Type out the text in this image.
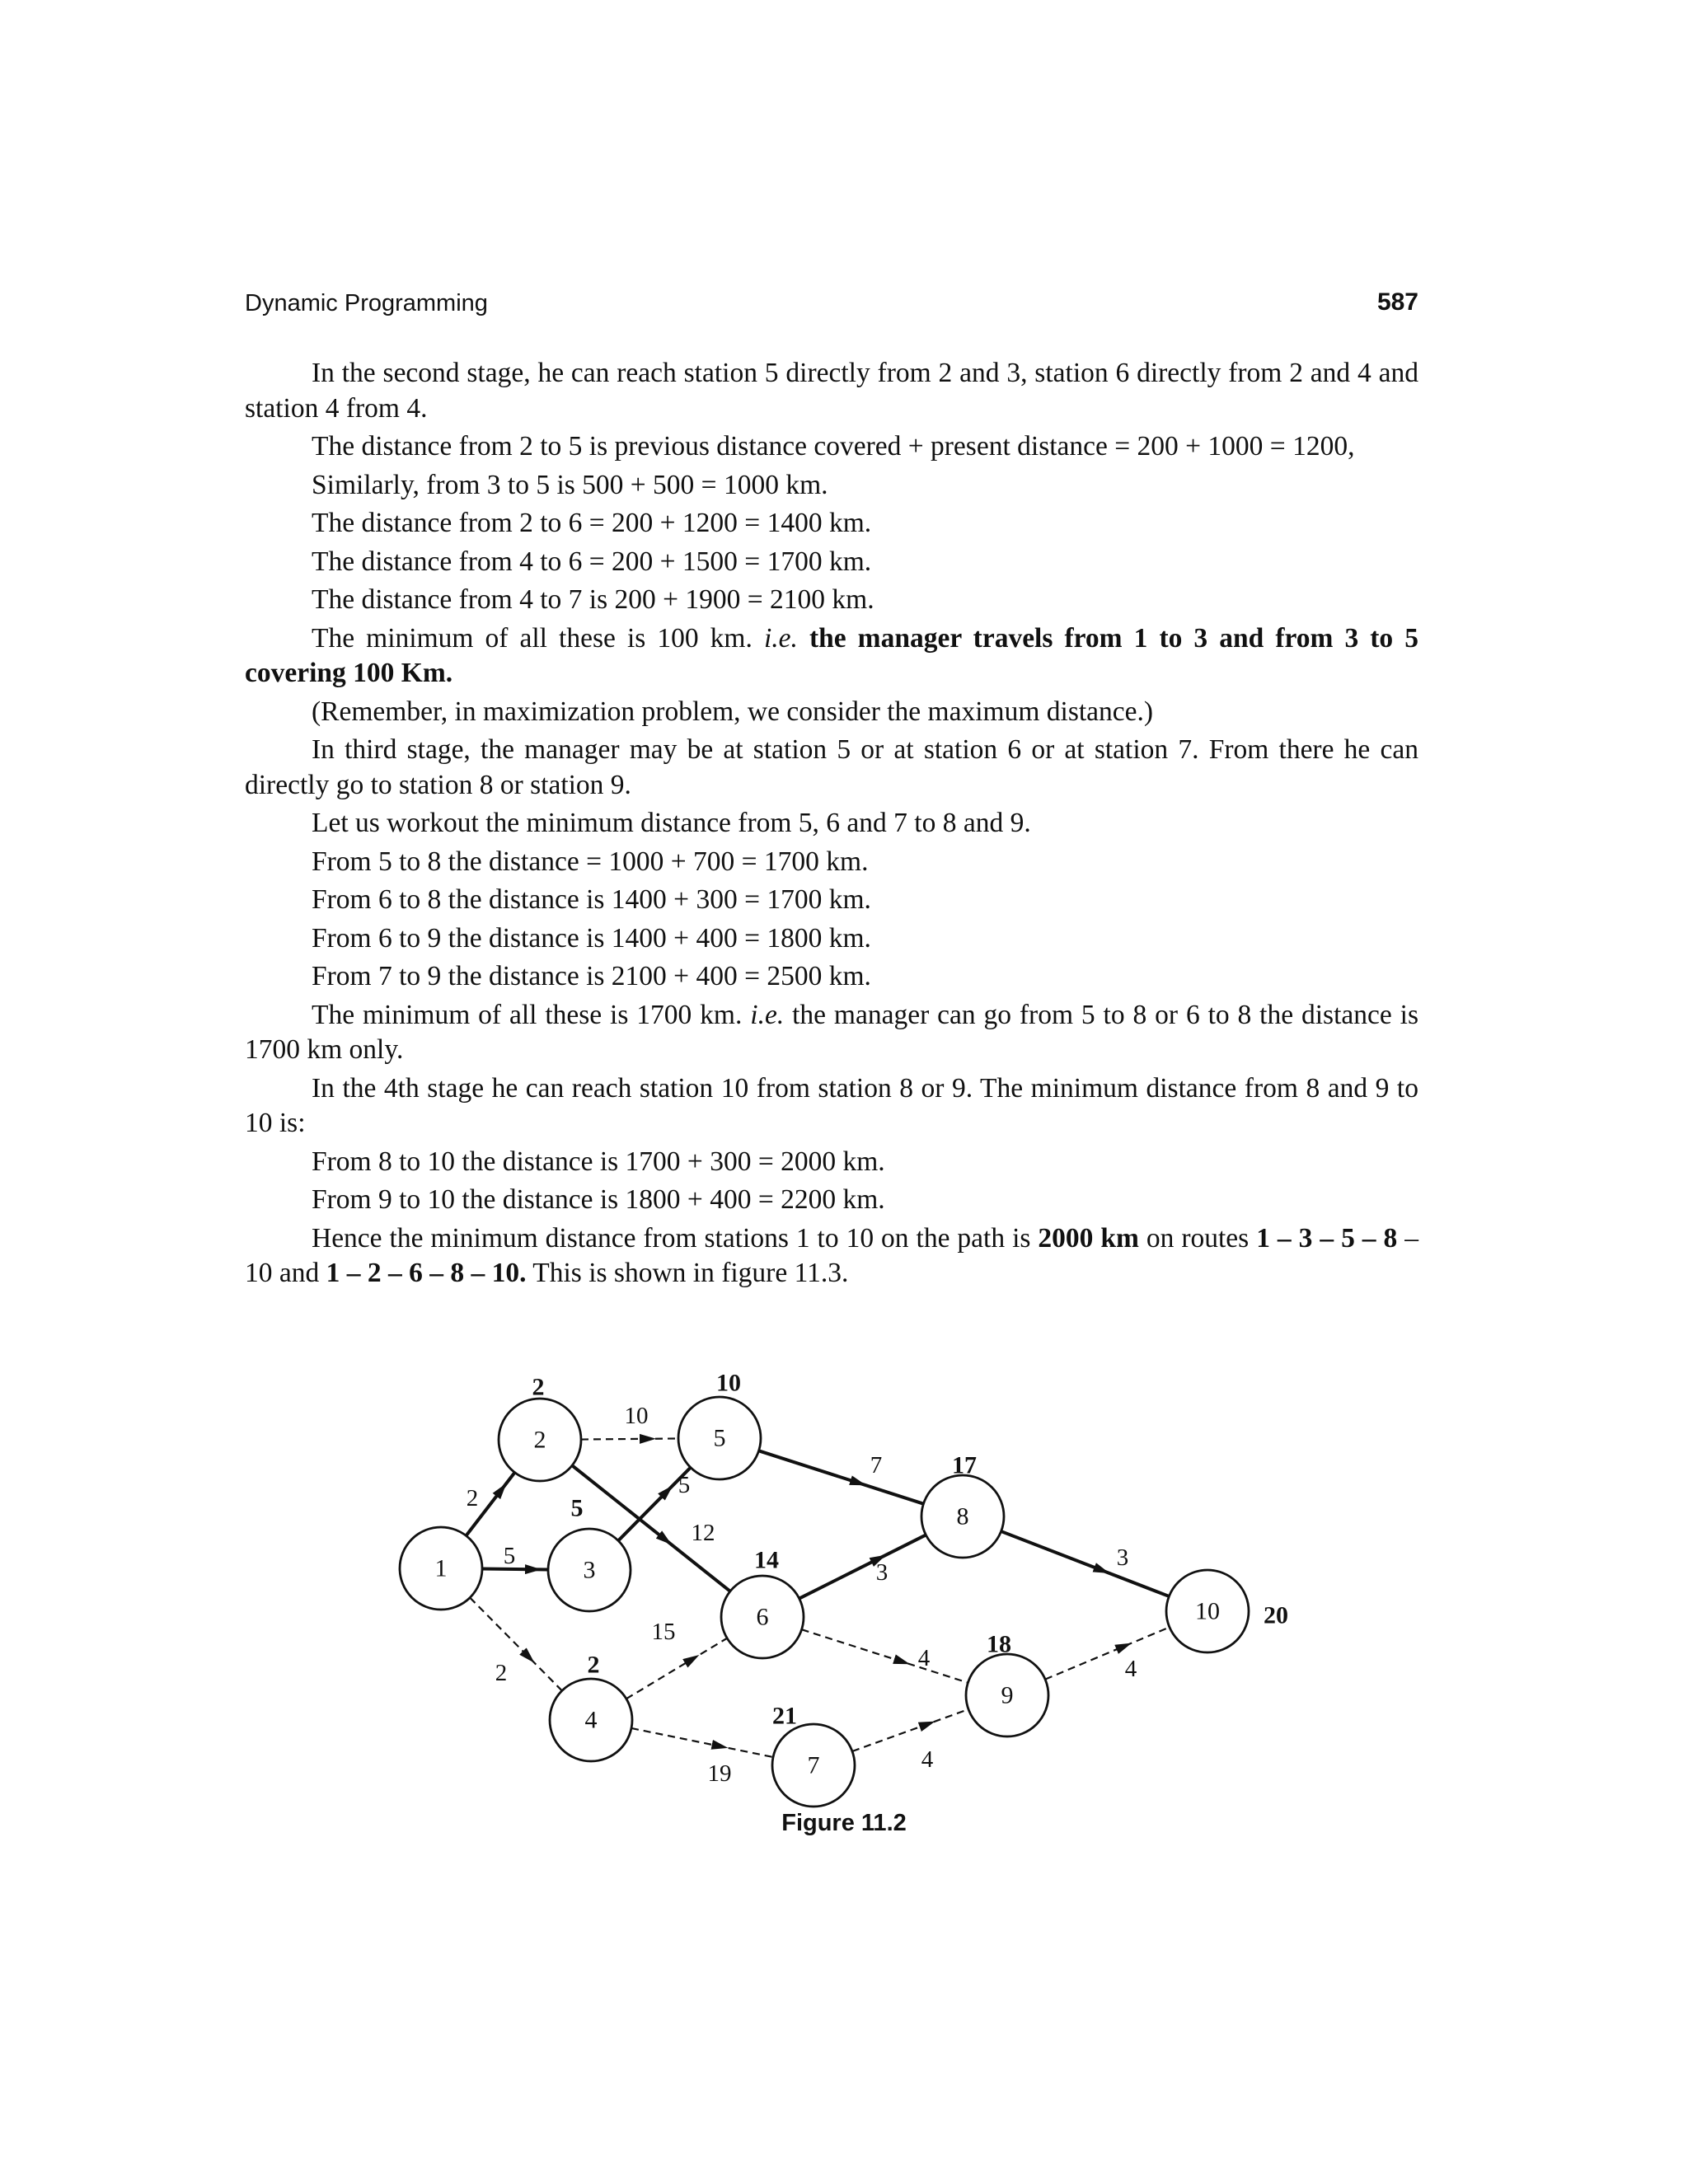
Dynamic Programming	587

In the second stage, he can reach station 5 directly from 2 and 3, station 6 directly from 2 and 4 and station 4 from 4.

The distance from 2 to 5 is previous distance covered + present distance = 200 + 1000 = 1200,

Similarly, from 3 to 5 is 500 + 500 = 1000 km.

The distance from 2 to 6 = 200 + 1200 = 1400 km.

The distance from 4 to 6 = 200 + 1500 = 1700 km.

The distance from 4 to 7 is 200 + 1900 = 2100 km.

The minimum of all these is 100 km. i.e. the manager travels from 1 to 3 and from 3 to 5 covering 100 Km.

(Remember, in maximization problem, we consider the maximum distance.)

In third stage, the manager may be at station 5 or at station 6 or at station 7. From there he can directly go to station 8 or station 9.

Let us workout the minimum distance from 5, 6 and 7 to 8 and 9.

From 5 to 8 the distance = 1000 + 700 = 1700 km.

From 6 to 8 the distance is 1400 + 300 = 1700 km.

From 6 to 9 the distance is 1400 + 400 = 1800 km.

From 7 to 9 the distance is 2100 + 400 = 2500 km.

The minimum of all these is 1700 km. i.e. the manager can go from 5 to 8 or 6 to 8 the distance is 1700 km only.

In the 4th stage he can reach station 10 from station 8 or 9. The minimum distance from 8 and 9 to 10 is:

From 8 to 10 the distance is 1700 + 300 = 2000 km.

From 9 to 10 the distance is 1800 + 400 = 2200 km.

Hence the minimum distance from stations 1 to 10 on the path is 2000 km on routes 1 – 3 – 5 – 8 – 10 and 1 – 2 – 6 – 8 – 10. This is shown in figure 11.3.

1
2
3
4
5
6
7
8
9
10
2
5
2
10
12
5
15
19
7
3
4
4
3
4
2
5
2
10
14
21
17
18
20
Figure 11.2
